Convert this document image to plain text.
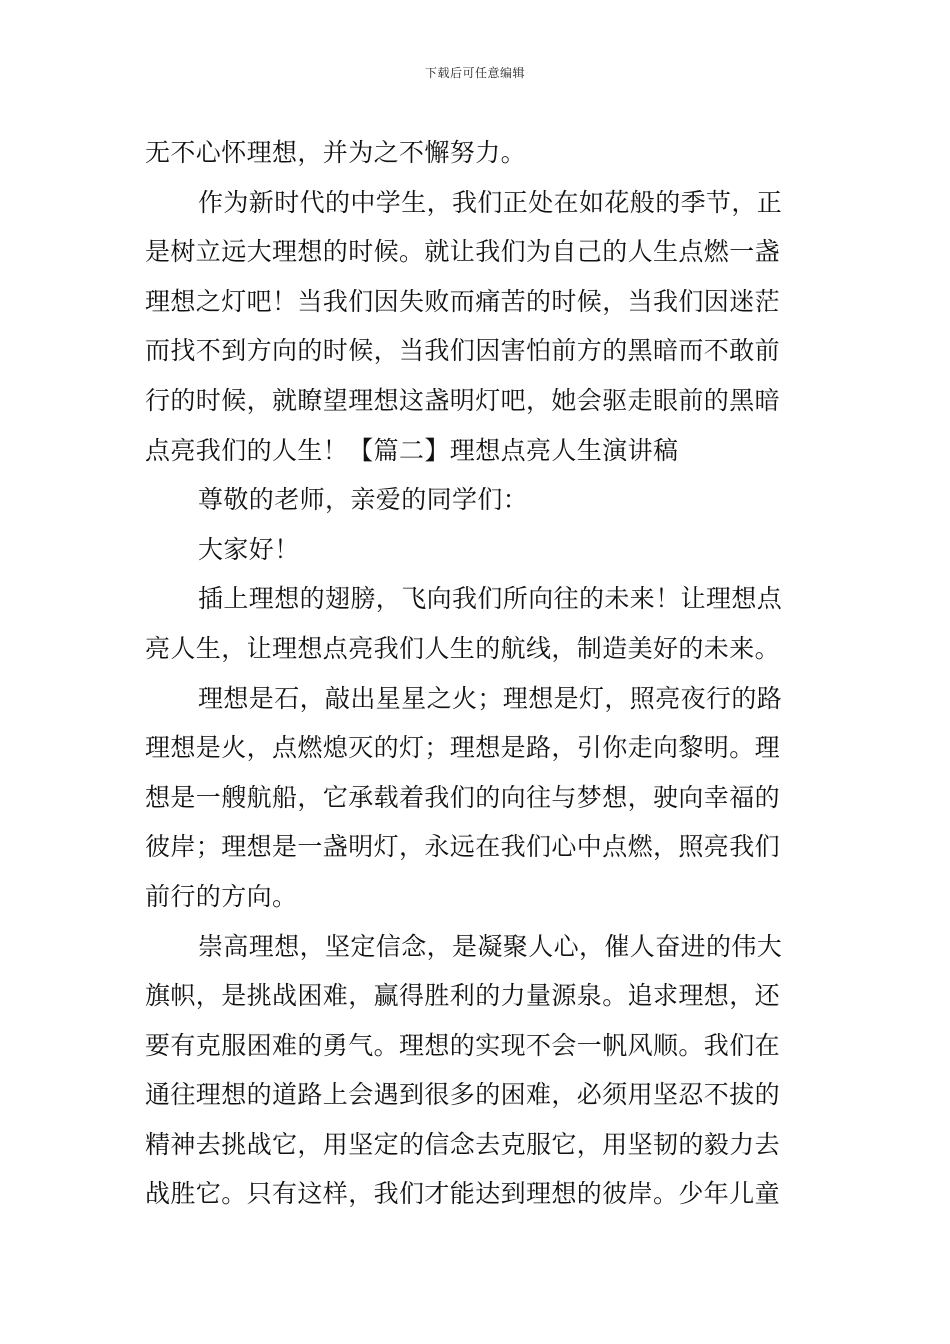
下载后可任意编辑
无不心怀理想，并为之不懈努力。
作为新时代的中学生，我们正处在如花般的季节，正
是树立远大理想的时候。就让我们为自己的人生点燃一盏
理想之灯吧！当我们因失败而痛苦的时候，当我们因迷茫
而找不到方向的时候，当我们因害怕前方的黑暗而不敢前
行的时候，就瞭望理想这盏明灯吧，她会驱走眼前的黑暗
点亮我们的人生！【篇二】理想点亮人生演讲稿
尊敬的老师，亲爱的同学们：
大家好！
插上理想的翅膀，飞向我们所向往的未来！让理想点
亮人生，让理想点亮我们人生的航线，制造美好的未来。
理想是石，敲出星星之火；理想是灯，照亮夜行的路
理想是火，点燃熄灭的灯；理想是路，引你走向黎明。理
想是一艘航船，它承载着我们的向往与梦想，驶向幸福的
彼岸；理想是一盏明灯，永远在我们心中点燃，照亮我们
前行的方向。
崇高理想，坚定信念，是凝聚人心，催人奋进的伟大
旗帜，是挑战困难，赢得胜利的力量源泉。追求理想，还
要有克服困难的勇气。理想的实现不会一帆风顺。我们在
通往理想的道路上会遇到很多的困难，必须用坚忍不拔的
精神去挑战它，用坚定的信念去克服它，用坚韧的毅力去
战胜它。只有这样，我们才能达到理想的彼岸。少年儿童
